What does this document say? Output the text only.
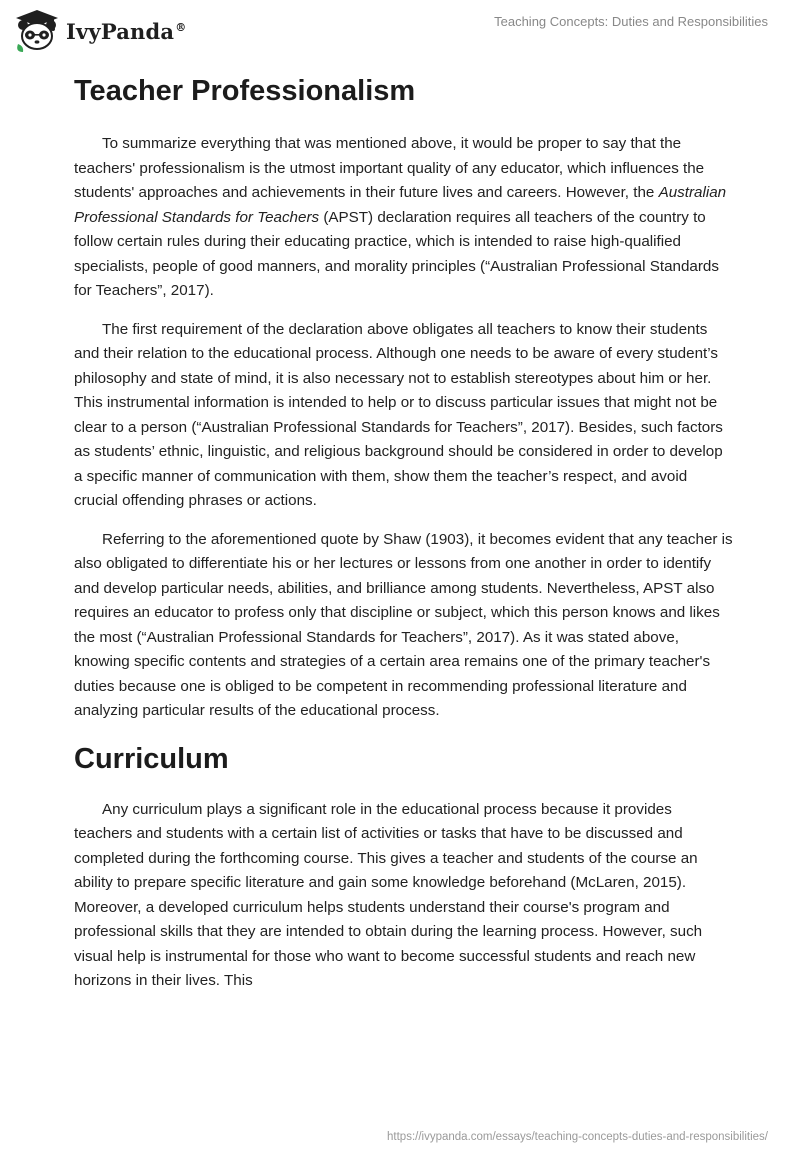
IvyPanda®	Teaching Concepts: Duties and Responsibilities
Teacher Professionalism

To summarize everything that was mentioned above, it would be proper to say that the teachers' professionalism is the utmost important quality of any educator, which influences the students' approaches and achievements in their future lives and careers. However, the Australian Professional Standards for Teachers (APST) declaration requires all teachers of the country to follow certain rules during their educating practice, which is intended to raise high-qualified specialists, people of good manners, and morality principles (“Australian Professional Standards for Teachers”, 2017).

The first requirement of the declaration above obligates all teachers to know their students and their relation to the educational process. Although one needs to be aware of every student’s philosophy and state of mind, it is also necessary not to establish stereotypes about him or her. This instrumental information is intended to help or to discuss particular issues that might not be clear to a person (“Australian Professional Standards for Teachers”, 2017). Besides, such factors as students’ ethnic, linguistic, and religious background should be considered in order to develop a specific manner of communication with them, show them the teacher’s respect, and avoid crucial offending phrases or actions.

Referring to the aforementioned quote by Shaw (1903), it becomes evident that any teacher is also obligated to differentiate his or her lectures or lessons from one another in order to identify and develop particular needs, abilities, and brilliance among students. Nevertheless, APST also requires an educator to profess only that discipline or subject, which this person knows and likes the most (“Australian Professional Standards for Teachers”, 2017). As it was stated above, knowing specific contents and strategies of a certain area remains one of the primary teacher's duties because one is obliged to be competent in recommending professional literature and analyzing particular results of the educational process.

Curriculum

Any curriculum plays a significant role in the educational process because it provides teachers and students with a certain list of activities or tasks that have to be discussed and completed during the forthcoming course. This gives a teacher and students of the course an ability to prepare specific literature and gain some knowledge beforehand (McLaren, 2015). Moreover, a developed curriculum helps students understand their course's program and professional skills that they are intended to obtain during the learning process. However, such visual help is instrumental for those who want to become successful students and reach new horizons in their lives. This

https://ivypanda.com/essays/teaching-concepts-duties-and-responsibilities/
